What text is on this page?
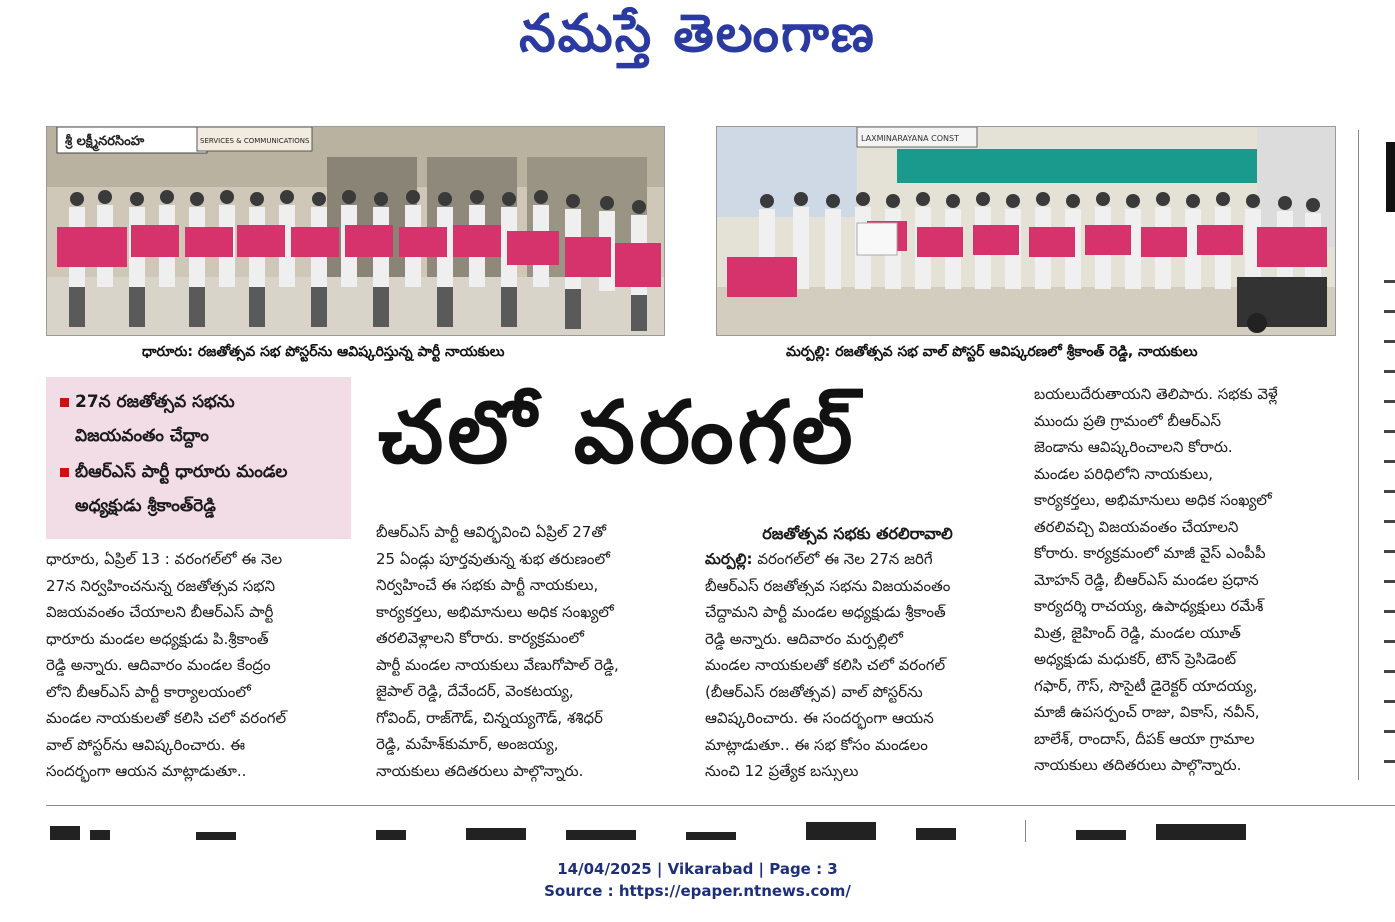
నమస్తే తెలంగాణ
శ్రీ లక్ష్మీనరసింహ	SERVICES & COMMUNICATIONS
ధారూరు: రజతోత్సవ సభ పోస్టర్‌ను ఆవిష్కరిస్తున్న పార్టీ నాయకులు
LAXMINARAYANA CONST
మర్పల్లి: రజతోత్సవ సభ వాల్ పోస్టర్ ఆవిష్కరణలో శ్రీకాంత్ రెడ్డి, నాయకులు
27న రజతోత్సవ సభను
విజయవంతం చేద్దాం
బీఆర్ఎస్ పార్టీ ధారూరు మండల
అధ్యక్షుడు శ్రీకాంత్‌రెడ్డి
చలో వరంగల్
ధారూరు, ఏప్రిల్ 13 : వరంగల్‌లో ఈ నెల
27న నిర్వహించనున్న రజతోత్సవ సభని
విజయవంతం చేయాలని బీఆర్ఎస్ పార్టీ
ధారూరు మండల అధ్యక్షుడు పి.శ్రీకాంత్
రెడ్డి అన్నారు. ఆదివారం మండల కేంద్రం
లోని బీఆర్ఎస్ పార్టీ కార్యాలయంలో
మండల నాయకులతో కలిసి చలో వరంగల్
వాల్ పోస్టర్‌ను ఆవిష్కరించారు. ఈ
సందర్భంగా ఆయన మాట్లాడుతూ..
బీఆర్ఎస్ పార్టీ ఆవిర్భవించి ఏప్రిల్ 27తో
25 ఏండ్లు పూర్తవుతున్న శుభ తరుణంలో
నిర్వహించే ఈ సభకు పార్టీ నాయకులు,
కార్యకర్తలు, అభిమానులు అధిక సంఖ్యలో
తరలివెళ్లాలని కోరారు. కార్యక్రమంలో
పార్టీ మండల నాయకులు వేణుగోపాల్ రెడ్డి,
జైపాల్ రెడ్డి, దేవేందర్, వెంకటయ్య,
గోవింద్, రాజ్‌గౌడ్, చిన్నయ్యగౌడ్, శశిధర్
రెడ్డి, మహేశ్‌కుమార్, అంజయ్య,
నాయకులు తదితరులు పాల్గొన్నారు.
రజతోత్సవ సభకు తరలిరావాలి
మర్పల్లి: వరంగల్‌లో ఈ నెల 27న జరిగే
బీఆర్ఎస్ రజతోత్సవ సభను విజయవంతం
చేద్దామని పార్టీ మండల అధ్యక్షుడు శ్రీకాంత్
రెడ్డి అన్నారు. ఆదివారం మర్పల్లిలో
మండల నాయకులతో కలిసి చలో వరంగల్
(బీఆర్ఎస్ రజతోత్సవ) వాల్ పోస్టర్‌ను
ఆవిష్కరించారు. ఈ సందర్భంగా ఆయన
మాట్లాడుతూ.. ఈ సభ కోసం మండలం
నుంచి 12 ప్రత్యేక బస్సులు
బయలుదేరుతాయని తెలిపారు. సభకు వెళ్లే
ముందు ప్రతి గ్రామంలో బీఆర్ఎస్
జెండాను ఆవిష్కరించాలని కోరారు.
మండల పరిధిలోని నాయకులు,
కార్యకర్తలు, అభిమానులు అధిక సంఖ్యలో
తరలివచ్చి విజయవంతం చేయాలని
కోరారు. కార్యక్రమంలో మాజీ వైస్ ఎంపీపీ
మోహన్ రెడ్డి, బీఆర్ఎస్ మండల ప్రధాన
కార్యదర్శి రాచయ్య, ఉపాధ్యక్షులు రమేశ్
మిత్ర, జైహింద్ రెడ్డి, మండల యూత్
అధ్యక్షుడు మధుకర్, టౌన్ ప్రెసిడెంట్
గఫార్, గౌస్, సొసైటీ డైరెక్టర్ యాదయ్య,
మాజీ ఉపసర్పంచ్ రాజు, వికాస్, నవీన్,
బాలేశ్, రాందాస్, దీపక్ ఆయా గ్రామాల
నాయకులు తదితరులు పాల్గొన్నారు.
14/04/2025 | Vikarabad | Page : 3
Source : https://epaper.ntnews.com/
